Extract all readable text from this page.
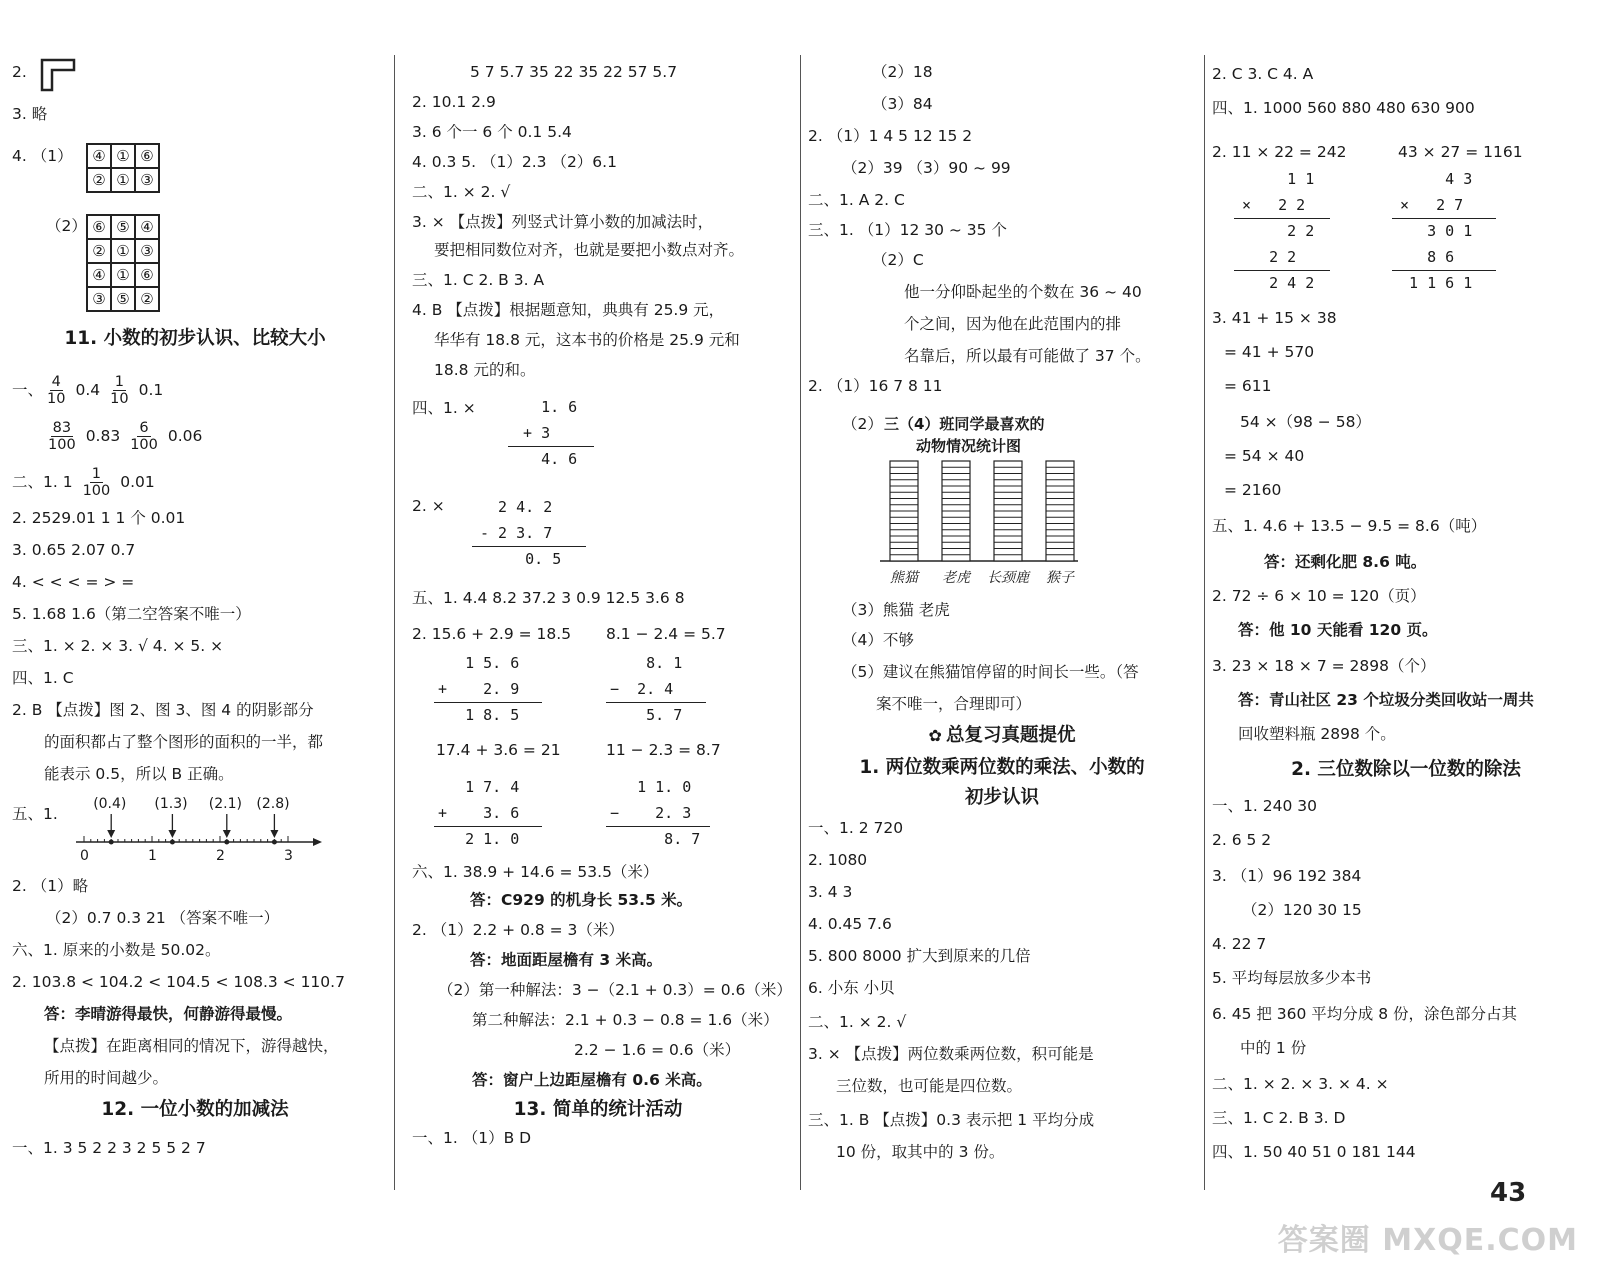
2.
3. 略
4. （1）	④ ① ⑥
② ① ③
（2） ⑥ ⑤ ④
② ① ③
④ ① ⑥
③ ⑤ ②
11. 小数的初步认识、比较大小
一、 $\frac{4}{10} 0.4 \frac{1}{10} 0.1$
$\frac{83}{100} 0.83 \frac{6}{100} 0.06$
二、1. $1 \frac{1}{100} 0.01$
2. 2529.01 1 1 个 0.01
3. 0.65 2.07 0.7
4. < < < = > =
5. 1.68 1.6（第二空答案不唯一）
三、1. × 2. × 3. √ 4. × 5. ×
四、1. C
2. B 【点拨】图 2、图 3、图 4 的阴影部分
的面积都占了整个图形的面积的一半，都
能表示 0.5，所以 B 正确。
五、1.
0	1	2	3
(0.4) (1.3) (2.1) (2.8)
2. （1）略
（2）0.7 0.3 21 （答案不唯一）
六、1. 原来的小数是 50.02。
2. 103.8 < 104.2 < 104.5 < 108.3 < 110.7
答：李晴游得最快，何静游得最慢。
【点拨】在距离相同的情况下，游得越快，
所用的时间越少。
12. 一位小数的加减法
一、1. 3 5 2 2 3 2 5 5 2 7
5 7 5.7 35 22 35 22 57 5.7
2. 10.1 2.9
3. 6 个一 6 个 0.1 5.4
4. 0.3 5. （1）2.3 （2）6.1
二、1. × 2. √
3. × 【点拨】列竖式计算小数的加减法时，
要把相同数位对齐，也就是要把小数点对齐。
三、1. C 2. B 3. A
4. B 【点拨】根据题意知，典典有 25.9 元，
华华有 18.8 元，这本书的价格是 25.9 元和
18.8 元的和。
四、1. ×	1. 6
+ 3
4. 6
2. × 2 4. 2
- 2 3. 7
0. 5
五、1. 4.4 8.2 37.2 3 0.9 12.5 3.6 8
2. 15.6 + 2.9 = 18.5 8.1 − 2.4 = 5.7
1 5. 6
+    2. 9
1 8. 5
8. 1
−  2. 4
5. 7
17.4 + 3.6 = 21	11 − 2.3 = 8.7
1 7. 4
+    3. 6
2 1. 0
1 1. 0
−    2. 3
8. 7
六、1. 38.9 + 14.6 = 53.5（米）
答：C929 的机身长 53.5 米。
2. （1）2.2 + 0.8 = 3（米）
答：地面距屋檐有 3 米高。
（2）第一种解法：3 −（2.1 + 0.3）= 0.6（米）
第二种解法：2.1 + 0.3 − 0.8 = 1.6（米）
2.2 − 1.6 = 0.6（米）
答：窗户上边距屋檐有 0.6 米高。
13. 简单的统计活动
一、1. （1）B D
（2）18
（3）84
2. （1）1 4 5 12 15 2
（2）39 （3）90 ~ 99
二、1. A 2. C
三、1. （1）12 30 ~ 35 个
（2）C
他一分仰卧起坐的个数在 36 ~ 40
个之间，因为他在此范围内的排
名靠后，所以最有可能做了 37 个。
2. （1）16 7 8 11
（2） 三（4）班同学最喜欢的
动物情况统计图
熊猫 老虎 长颈鹿 猴子
（3）熊猫 老虎
（4）不够
（5）建议在熊猫馆停留的时间长一些。（答
案不唯一，合理即可）
✿ 总复习真题提优
1. 两位数乘两位数的乘法、小数的
初步认识
一、1. 2 720
2. 1080
3. 4 3
4. 0.45 7.6
5. 800 8000 扩大到原来的几倍
6. 小东 小贝
二、1. × 2. √
3. × 【点拨】两位数乘两位数，积可能是
三位数，也可能是四位数。
三、1. B 【点拨】0.3 表示把 1 平均分成
10 份，取其中的 3 份。
2. C 3. C 4. A
四、1. 1000 560 880 480 630 900
2. 11 × 22 = 242	43 × 27 = 1161
1 1
×   2 2
2 2
2 2
2 4 2
4 3
×   2 7
3 0 1
8 6
1 1 6 1
3. 41 + 15 × 38
= 41 + 570
= 611
54 ×（98 − 58）
= 54 × 40
= 2160
五、1. 4.6 + 13.5 − 9.5 = 8.6（吨）
答：还剩化肥 8.6 吨。
2. 72 ÷ 6 × 10 = 120（页）
答：他 10 天能看 120 页。
3. 23 × 18 × 7 = 2898（个）
答：青山社区 23 个垃圾分类回收站一周共
回收塑料瓶 2898 个。
2. 三位数除以一位数的除法
一、1. 240 30
2. 6 5 2
3. （1）96 192 384
（2）120 30 15
4. 22 7
5. 平均每层放多少本书
6. 45 把 360 平均分成 8 份，涂色部分占其
中的 1 份
二、1. × 2. × 3. × 4. ×
三、1. C 2. B 3. D
四、1. 50 40 51 0 181 144
43
答案圈 MXQE.COM
